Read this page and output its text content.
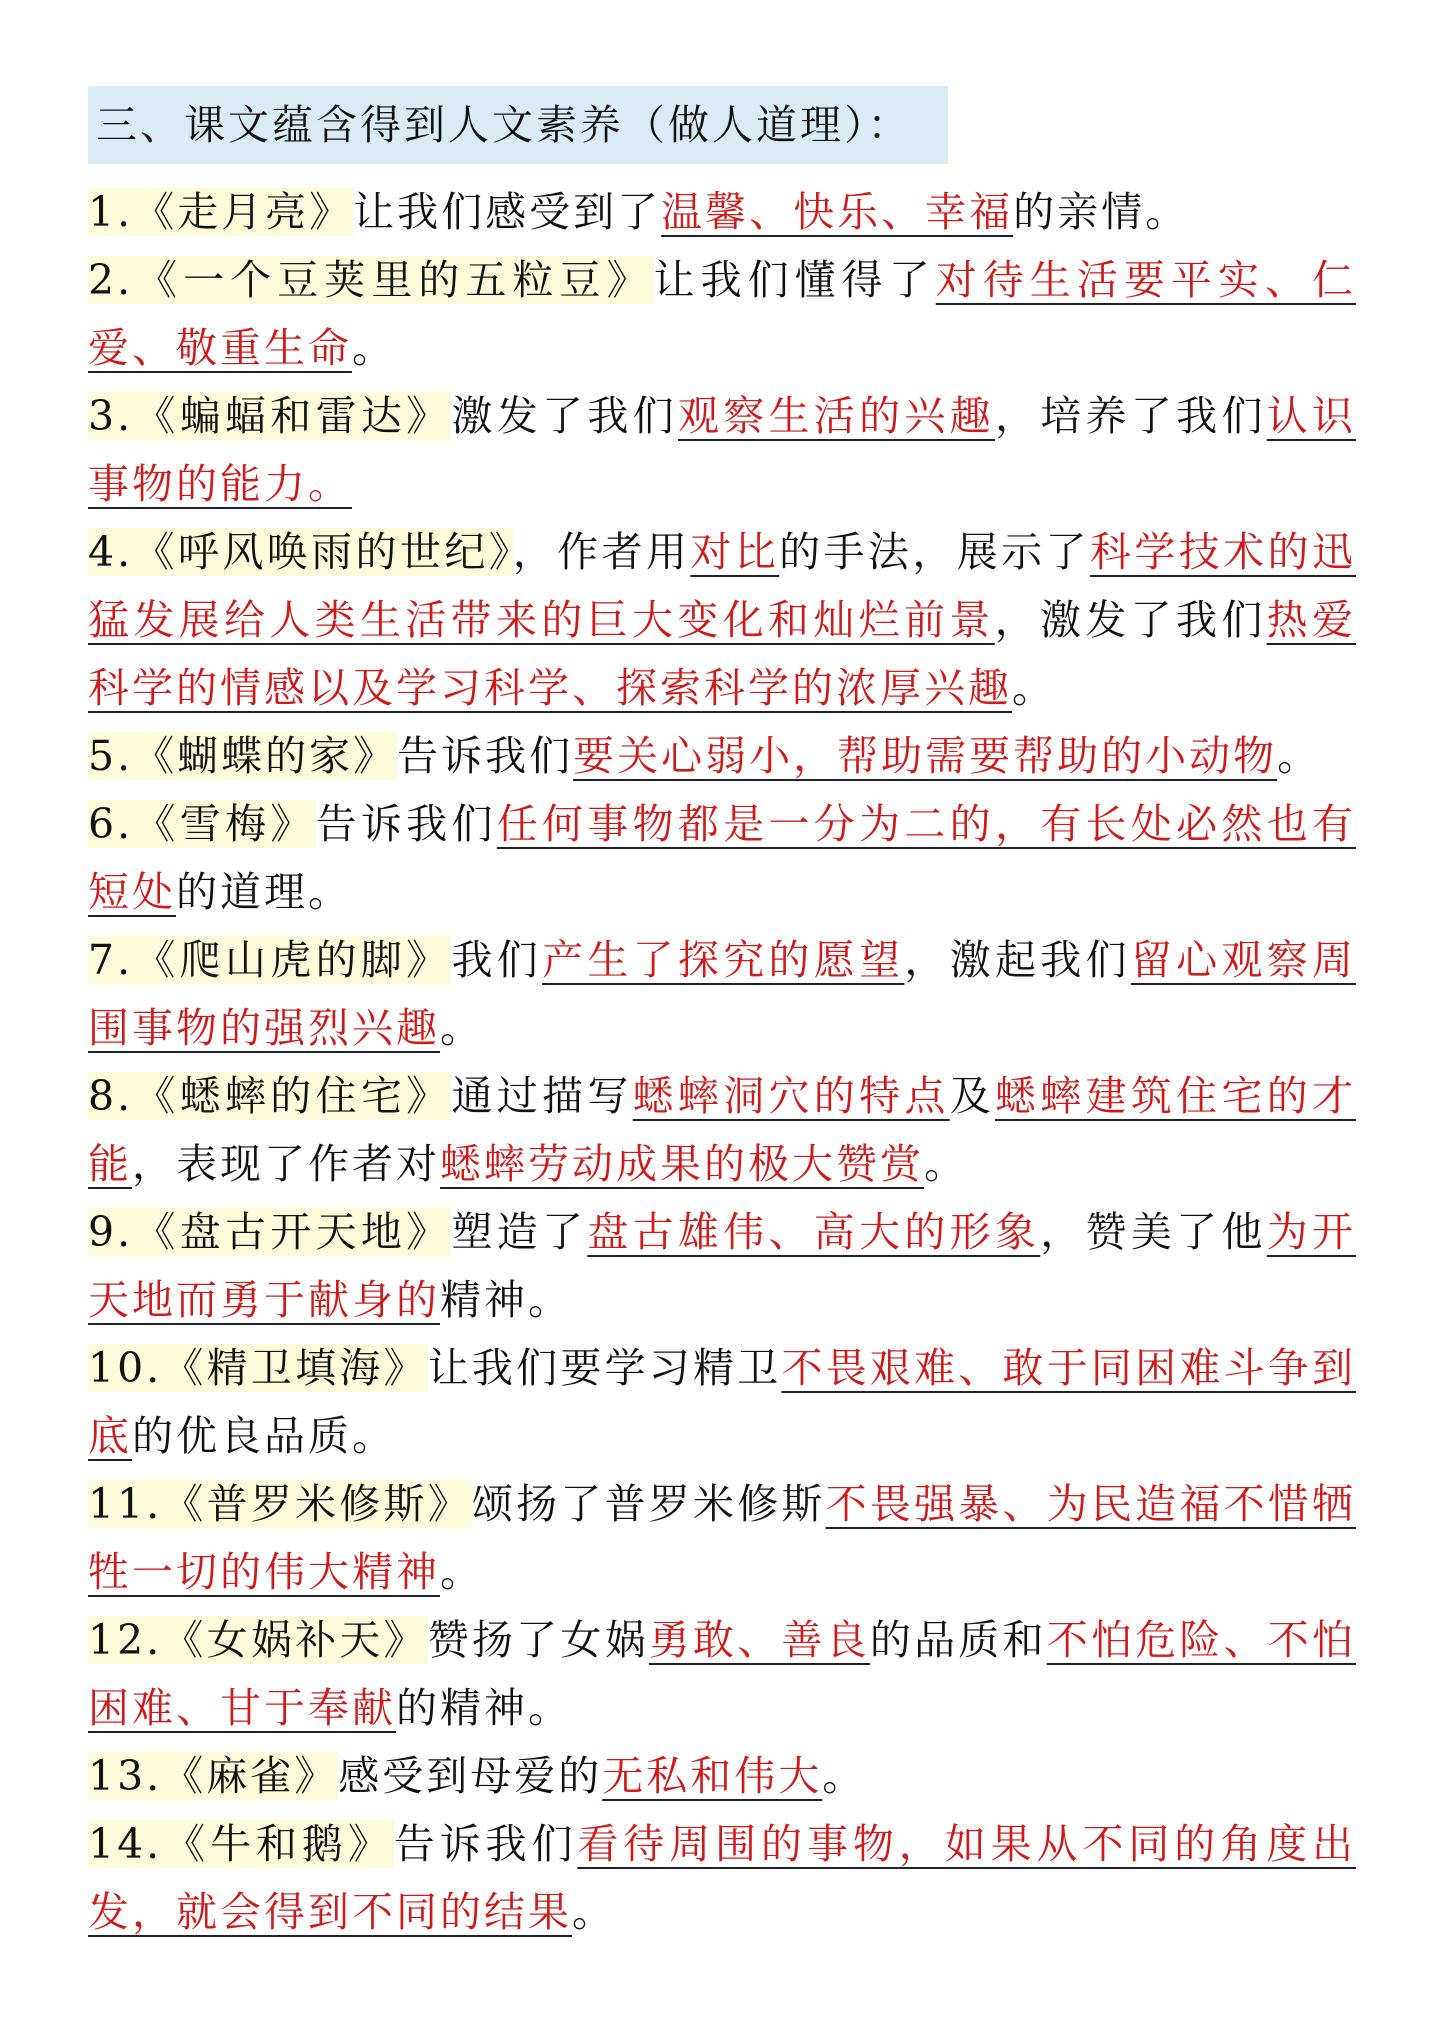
三、课文蕴含得到人文素养（做人道理）：
1.《走月亮》让我们感受到了温馨、快乐、幸福的亲情。
2.《一个豆荚里的五粒豆》让我们懂得了对待生活要平实、仁爱、敬重生命。
3.《蝙蝠和雷达》激发了我们观察生活的兴趣，培养了我们认识事物的能力。
4.《呼风唤雨的世纪》，作者用对比的手法，展示了科学技术的迅猛发展给人类生活带来的巨大变化和灿烂前景，激发了我们热爱科学的情感以及学习科学、探索科学的浓厚兴趣。
5.《蝴蝶的家》告诉我们要关心弱小，帮助需要帮助的小动物。
6.《雪梅》告诉我们任何事物都是一分为二的，有长处必然也有短处的道理。
7.《爬山虎的脚》我们产生了探究的愿望，激起我们留心观察周围事物的强烈兴趣。
8.《蟋蟀的住宅》通过描写蟋蟀洞穴的特点及蟋蟀建筑住宅的才能，表现了作者对蟋蟀劳动成果的极大赞赏。
9.《盘古开天地》塑造了盘古雄伟、高大的形象，赞美了他为开天地而勇于献身的精神。
10.《精卫填海》让我们要学习精卫不畏艰难、敢于同困难斗争到底的优良品质。
11.《普罗米修斯》颂扬了普罗米修斯不畏强暴、为民造福不惜牺牲一切的伟大精神。
12.《女娲补天》赞扬了女娲勇敢、善良的品质和不怕危险、不怕困难、甘于奉献的精神。
13.《麻雀》感受到母爱的无私和伟大。
14.《牛和鹅》告诉我们看待周围的事物，如果从不同的角度出发，就会得到不同的结果。
